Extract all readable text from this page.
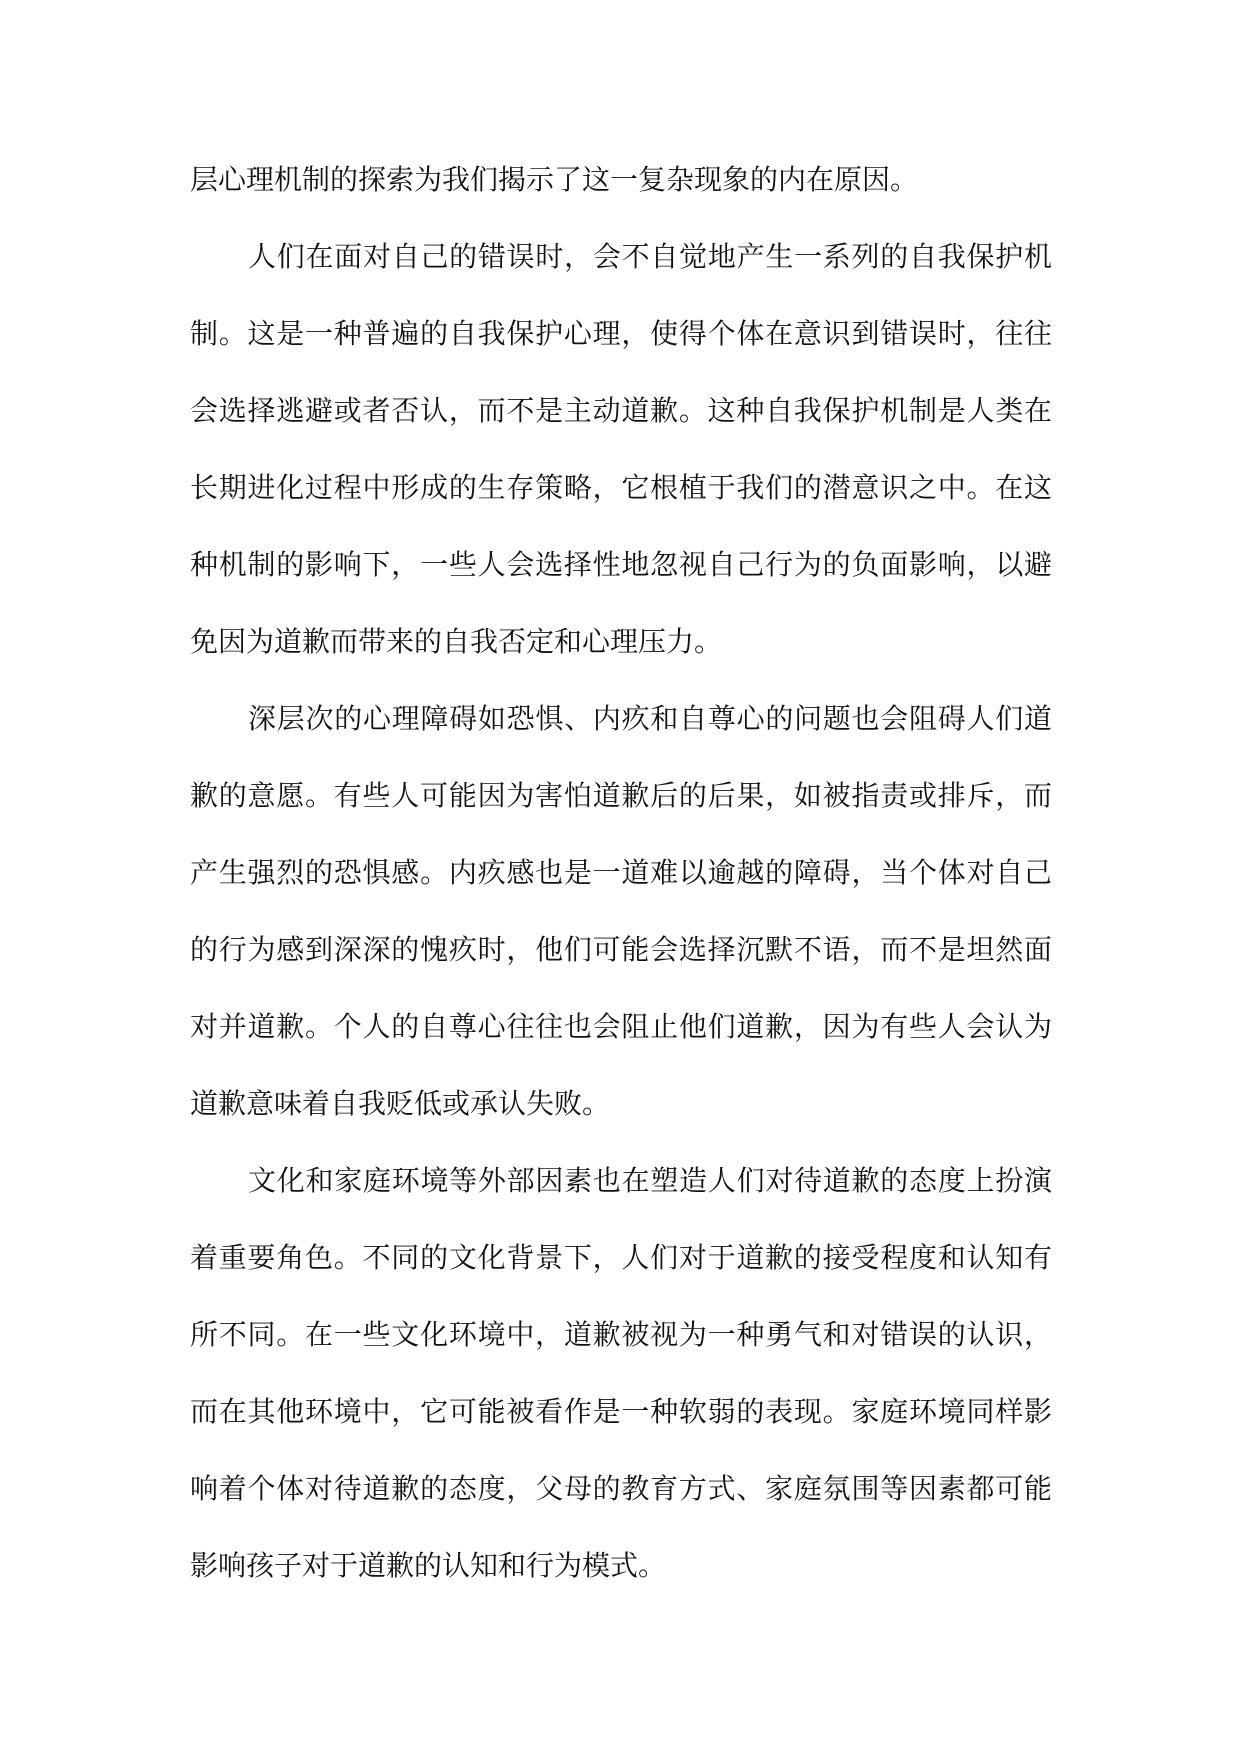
层心理机制的探索为我们揭示了这一复杂现象的内在原因。

人们在面对自己的错误时，会不自觉地产生一系列的自我保护机制。这是一种普遍的自我保护心理，使得个体在意识到错误时，往往会选择逃避或者否认，而不是主动道歉。这种自我保护机制是人类在长期进化过程中形成的生存策略，它根植于我们的潜意识之中。在这种机制的影响下，一些人会选择性地忽视自己行为的负面影响，以避免因为道歉而带来的自我否定和心理压力。

深层次的心理障碍如恐惧、内疚和自尊心的问题也会阻碍人们道歉的意愿。有些人可能因为害怕道歉后的后果，如被指责或排斥，而产生强烈的恐惧感。内疚感也是一道难以逾越的障碍，当个体对自己的行为感到深深的愧疚时，他们可能会选择沉默不语，而不是坦然面对并道歉。个人的自尊心往往也会阻止他们道歉，因为有些人会认为道歉意味着自我贬低或承认失败。

文化和家庭环境等外部因素也在塑造人们对待道歉的态度上扮演着重要角色。不同的文化背景下，人们对于道歉的接受程度和认知有所不同。在一些文化环境中，道歉被视为一种勇气和对错误的认识，而在其他环境中，它可能被看作是一种软弱的表现。家庭环境同样影响着个体对待道歉的态度，父母的教育方式、家庭氛围等因素都可能影响孩子对于道歉的认知和行为模式。
